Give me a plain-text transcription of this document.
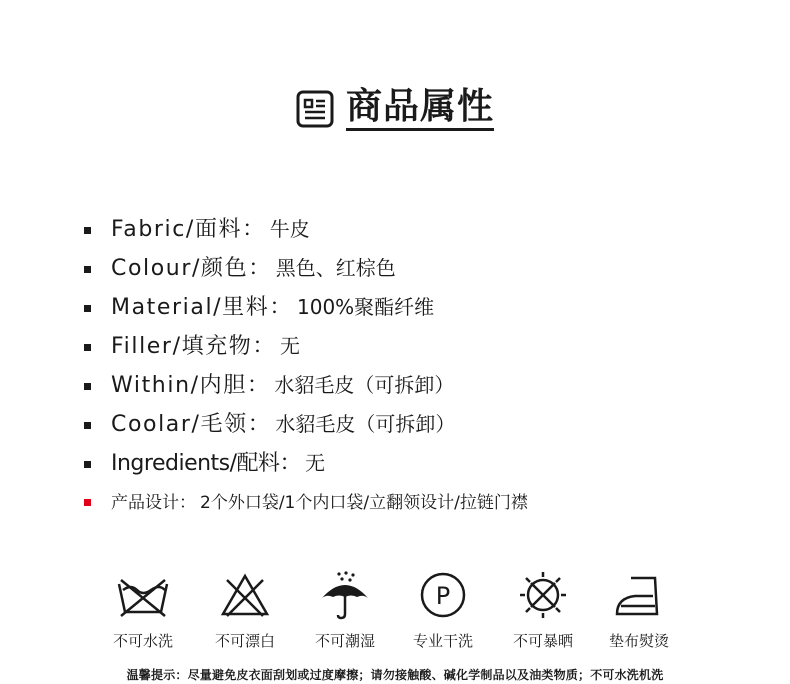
商品属性
Fabric/面料： 牛皮
Colour/颜色： 黑色、红棕色
Material/里料： 100%聚酯纤维
Filler/填充物： 无
Within/内胆： 水貂毛皮（可拆卸）
Coolar/毛领： 水貂毛皮（可拆卸）
Ingredients/配料： 无
产品设计： 2个外口袋/1个内口袋/立翻领设计/拉链门襟
不可水洗	不可漂白	不可潮湿
P
专业干洗	不可暴晒	垫布熨烫
温馨提示：尽量避免皮衣面刮划或过度摩擦；请勿接触酸、碱化学制品以及油类物质；不可水洗机洗
